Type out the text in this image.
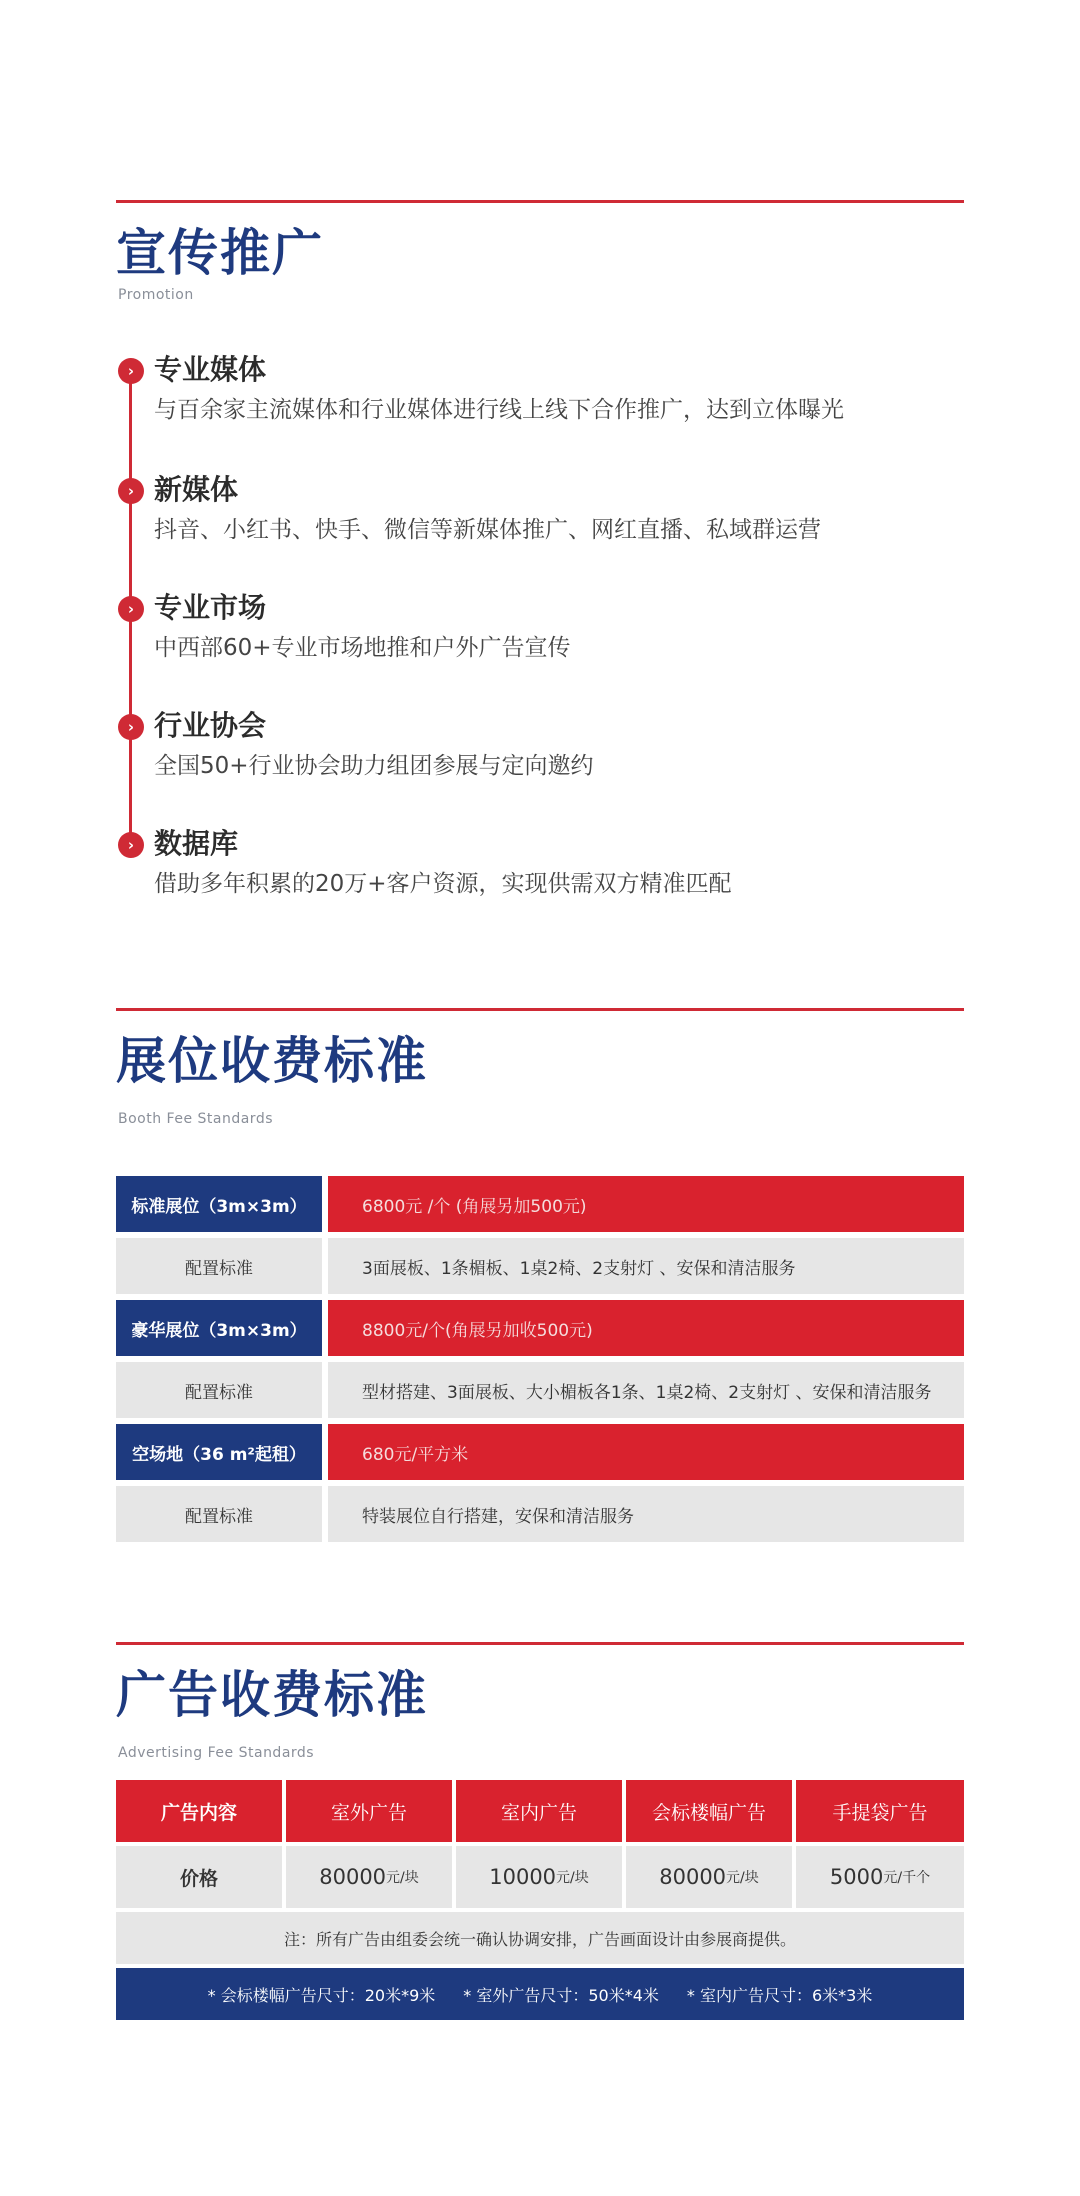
宣传推广
Promotion
› 专业媒体
与百余家主流媒体和行业媒体进行线上线下合作推广，达到立体曝光
› 新媒体
抖音、小红书、快手、微信等新媒体推广、网红直播、私域群运营
› 专业市场
中西部60+专业市场地推和户外广告宣传
› 行业协会
全国50+行业协会助力组团参展与定向邀约
› 数据库
借助多年积累的20万+客户资源，实现供需双方精准匹配
展位收费标准
Booth Fee Standards
标准展位（3m×3m）	6800元 /个 (角展另加500元)
配置标准	3面展板、1条楣板、1桌2椅、2支射灯 、安保和清洁服务
豪华展位（3m×3m）	8800元/个(角展另加收500元)
配置标准	型材搭建、3面展板、大小楣板各1条、1桌2椅、2支射灯 、安保和清洁服务
空场地（36 m²起租）	680元/平方米
配置标准	特装展位自行搭建，安保和清洁服务
广告收费标准
Advertising Fee Standards
广告内容	室外广告	室内广告	会标楼幅广告	手提袋广告
价格	80000 元/块	10000 元/块	80000 元/块	5000 元/千个
注：所有广告由组委会统一确认协调安排，广告画面设计由参展商提供。
* 会标楼幅广告尺寸：20米*9米 * 室外广告尺寸：50米*4米 * 室内广告尺寸：6米*3米
